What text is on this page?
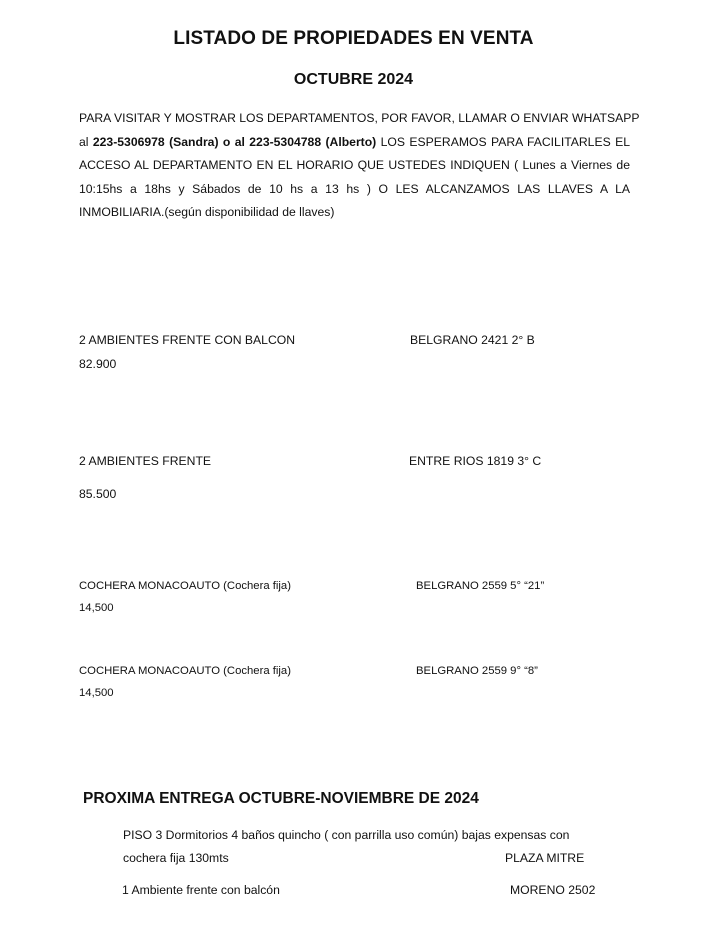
LISTADO DE PROPIEDADES EN VENTA
OCTUBRE 2024
PARA VISITAR Y MOSTRAR LOS DEPARTAMENTOS, POR FAVOR, LLAMAR O ENVIAR WHATSAPP
al 223-5306978 (Sandra) o al 223-5304788 (Alberto) LOS ESPERAMOS PARA FACILITARLES EL
ACCESO AL DEPARTAMENTO EN EL HORARIO QUE USTEDES INDIQUEN ( Lunes a Viernes de
10:15hs a 18hs y Sábados de 10 hs a 13 hs ) O LES ALCANZAMOS LAS LLAVES A LA
INMOBILIARIA.(según disponibilidad de llaves)
2 AMBIENTES FRENTE CON BALCON	BELGRANO 2421 2° B
82.900
2 AMBIENTES FRENTE	ENTRE RIOS 1819 3° C
85.500
COCHERA MONACOAUTO (Cochera fija)	BELGRANO 2559 5° “21”
14,500
COCHERA MONACOAUTO (Cochera fija)	BELGRANO 2559 9° “8”
14,500
PROXIMA ENTREGA OCTUBRE-NOVIEMBRE DE 2024
PISO 3 Dormitorios 4 baños quincho ( con parrilla uso común) bajas expensas con
cochera fija 130mts	PLAZA MITRE
1 Ambiente frente con balcón	MORENO 2502
